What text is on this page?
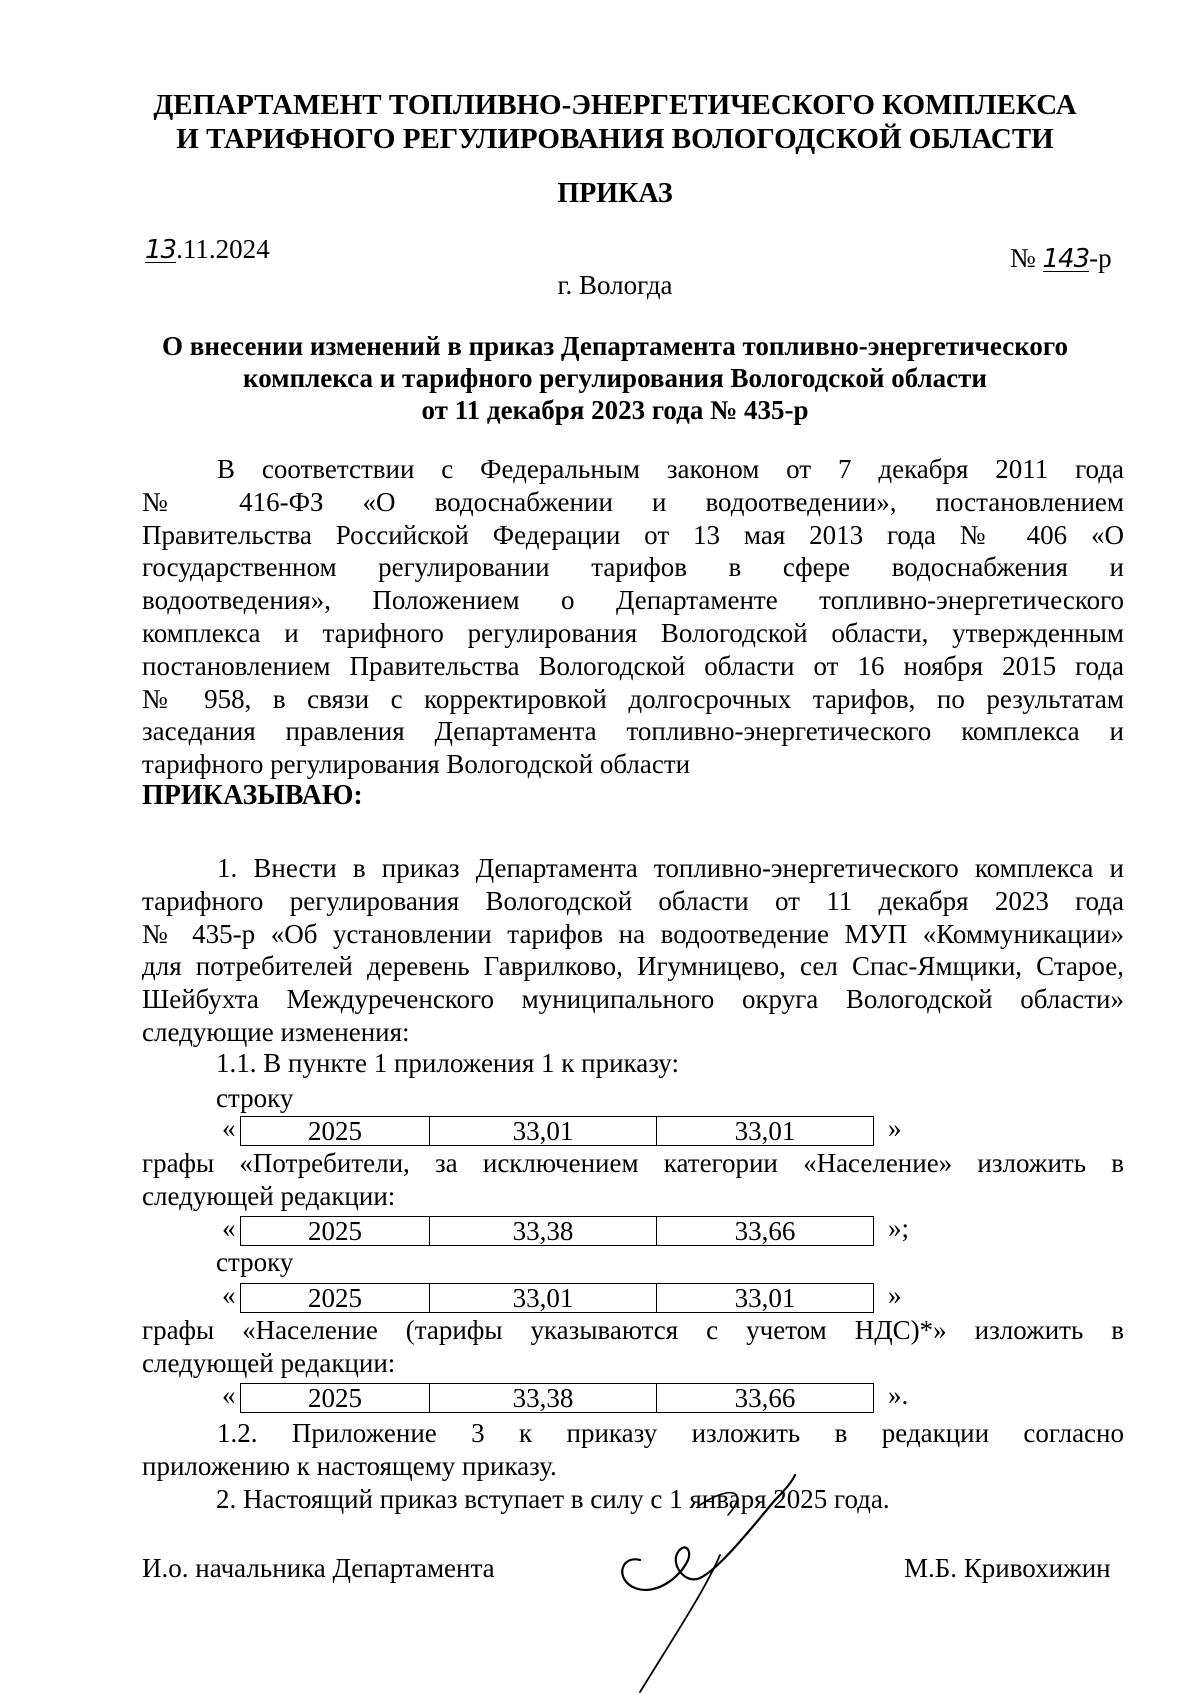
ДЕПАРТАМЕНТ ТОПЛИВНО-ЭНЕРГЕТИЧЕСКОГО КОМПЛЕКСА
И ТАРИФНОГО РЕГУЛИРОВАНИЯ ВОЛОГОДСКОЙ ОБЛАСТИ
ПРИКАЗ
13.11.2024	№ 143-р
г. Вологда
О внесении изменений в приказ Департамента топливно-энергетического
комплекса и тарифного регулирования Вологодской области
от 11 декабря 2023 года № 435-р
В соответствии с Федеральным законом от 7 декабря 2011 года
№ 416-ФЗ «О водоснабжении и водоотведении», постановлением
Правительства Российской Федерации от 13 мая 2013 года № 406 «О
государственном регулировании тарифов в сфере водоснабжения и
водоотведения», Положением о Департаменте топливно-энергетического
комплекса и тарифного регулирования Вологодской области, утвержденным
постановлением Правительства Вологодской области от 16 ноября 2015 года
№ 958, в связи с корректировкой долгосрочных тарифов, по результатам
заседания правления Департамента топливно-энергетического комплекса и
тарифного регулирования Вологодской области
ПРИКАЗЫВАЮ:
1. Внести в приказ Департамента топливно-энергетического комплекса и
тарифного регулирования Вологодской области от 11 декабря 2023 года
№ 435-р «Об установлении тарифов на водоотведение МУП «Коммуникации»
для потребителей деревень Гаврилково, Игумницево, сел Спас-Ямщики, Старое,
Шейбухта Междуреченского муниципального округа Вологодской области»
следующие изменения:
1.1. В пункте 1 приложения 1 к приказу:
строку
«	2025	33,01	33,01	»
графы «Потребители, за исключением категории «Население» изложить в
следующей редакции:
«	2025	33,38	33,66	»;
строку
«	2025	33,01	33,01	»
графы «Население (тарифы указываются с учетом НДС)*» изложить в
следующей редакции:
«	2025	33,38	33,66	».
1.2. Приложение 3 к приказу изложить в редакции согласно
приложению к настоящему приказу.
2. Настоящий приказ вступает в силу с 1 января 2025 года.
И.о. начальника Департамента	М.Б. Кривохижин
